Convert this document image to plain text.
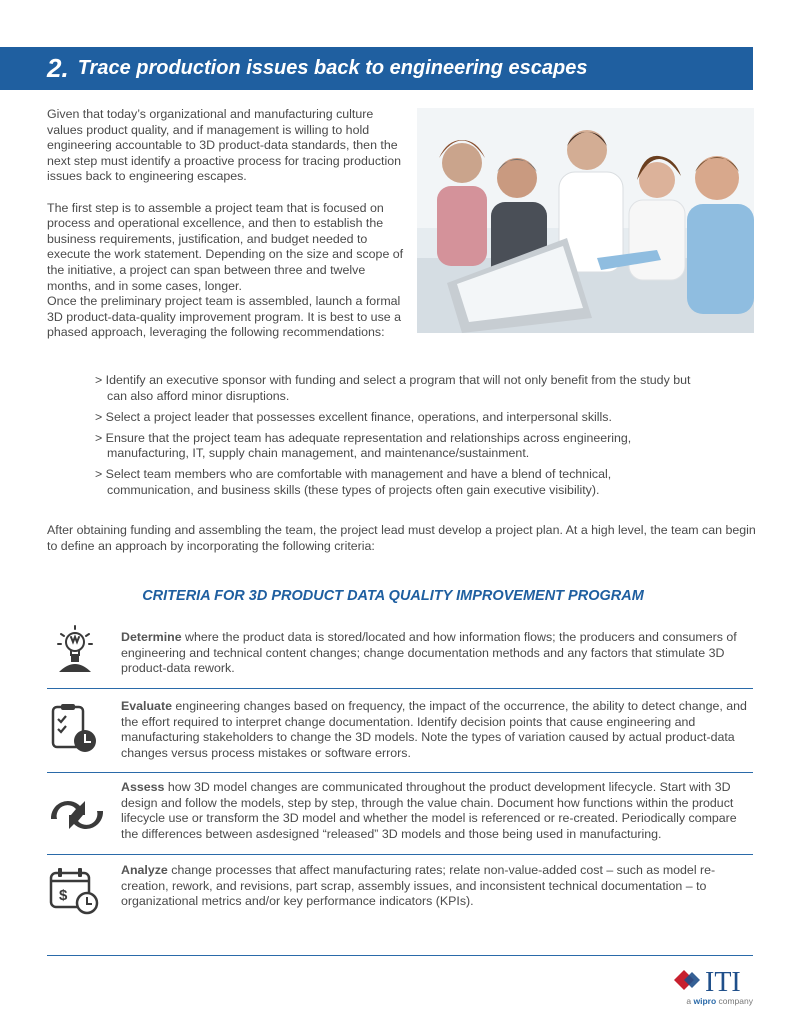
2. Trace production issues back to engineering escapes

Given that today’s organizational and manufacturing culture values product quality, and if management is willing to hold engineering accountable to 3D product-data standards, then the next step must identify a proactive process for tracing production issues back to engineering escapes.

The first step is to assemble a project team that is focused on process and operational excellence, and then to establish the business requirements, justification, and budget needed to execute the work statement. Depending on the size and scope of the initiative, a project can span between three and twelve months, and in some cases, longer.

Once the preliminary project team is assembled, launch a formal 3D product-data-quality improvement program. It is best to use a phased approach, leveraging the following recommendations:

> Identify an executive sponsor with funding and select a program that will not only benefit from the study but can also afford minor disruptions.
> Select a project leader that possesses excellent finance, operations, and interpersonal skills.
> Ensure that the project team has adequate representation and relationships across engineering, manufacturing, IT, supply chain management, and maintenance/sustainment.
> Select team members who are comfortable with management and have a blend of technical, communication, and business skills (these types of projects often gain executive visibility).
After obtaining funding and assembling the team, the project lead must develop a project plan. At a high level, the team can begin to define an approach by incorporating the following criteria:
CRITERIA FOR 3D PRODUCT DATA QUALITY IMPROVEMENT PROGRAM
Determine where the product data is stored/located and how information flows; the producers and consumers of engineering and technical content changes; change documentation methods and any factors that stimulate 3D product-data rework.
Evaluate engineering changes based on frequency, the impact of the occurrence, the ability to detect change, and the effort required to interpret change documentation. Identify decision points that cause engineering and manufacturing stakeholders to change the 3D models. Note the types of variation caused by actual product-data changes versus process mistakes or software errors.
Assess how 3D model changes are communicated throughout the product development lifecycle. Start with 3D design and follow the models, step by step, through the value chain. Document how functions within the product lifecycle use or transform the 3D model and whether the model is referenced or re-created. Periodically compare the differences between asdesigned “released” 3D models and those being used in manufacturing.
$
Analyze change processes that affect manufacturing rates; relate non-value-added cost – such as model re-creation, rework, and revisions, part scrap, assembly issues, and inconsistent technical documentation – to organizational metrics and/or key performance indicators (KPIs).
ITI
a wipro company
